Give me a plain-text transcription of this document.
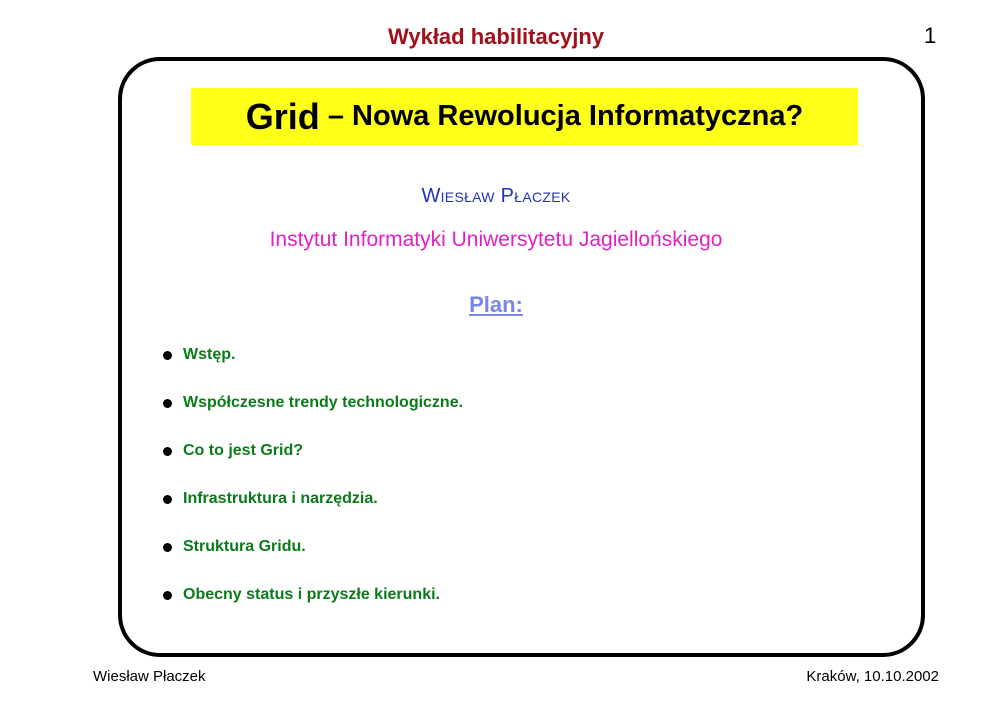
Wykład habilitacyjny	1
Grid – Nowa Rewolucja Informatyczna?
Wiesław Płaczek
Instytut Informatyki Uniwersytetu Jagiellońskiego
Plan:
Wstęp.
Współczesne trendy technologiczne.
Co to jest Grid?
Infrastruktura i narzędzia.
Struktura Gridu.
Obecny status i przyszłe kierunki.
Wiesław Płaczek	Kraków, 10.10.2002
